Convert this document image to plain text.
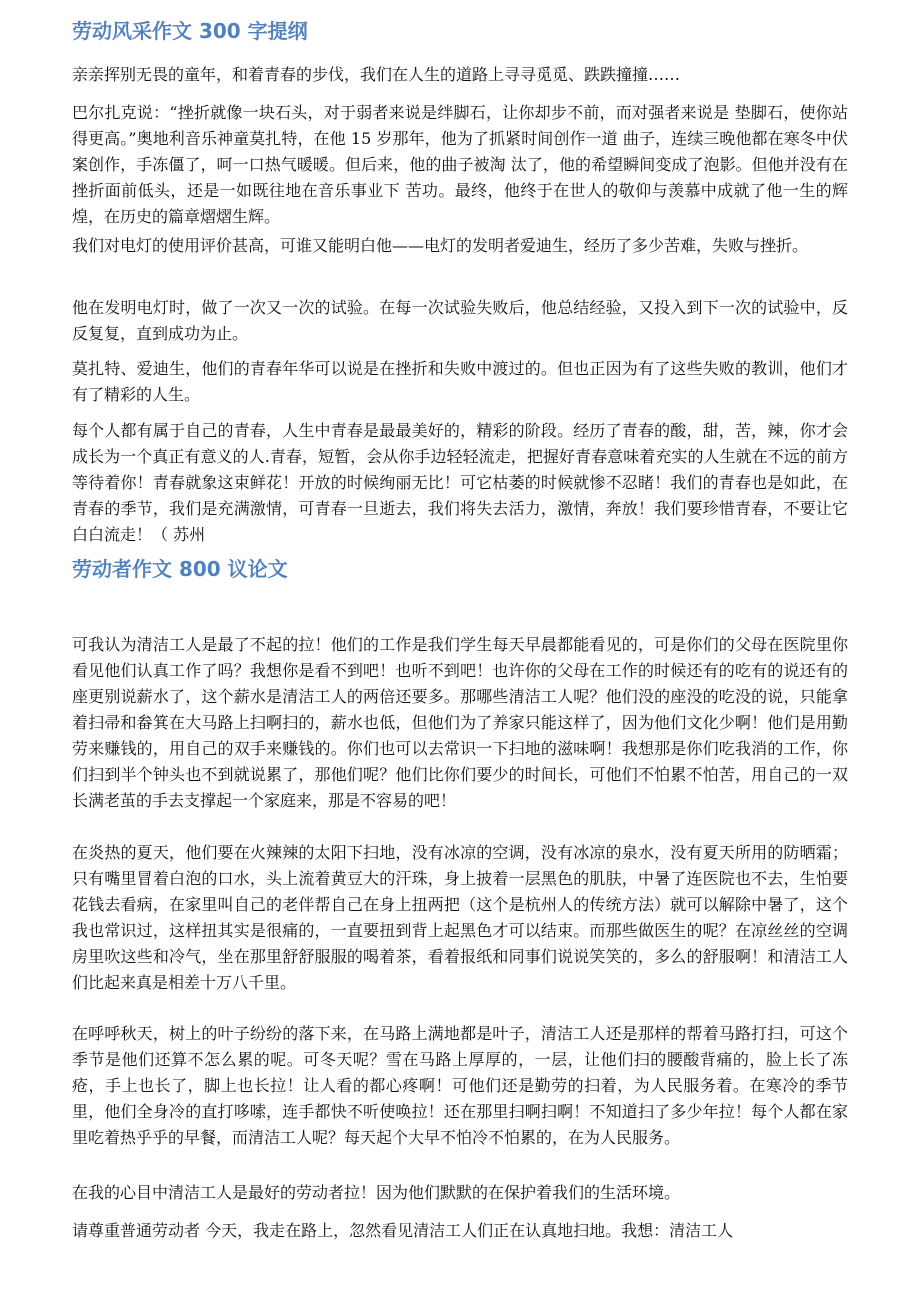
劳动风采作文 300 字提纲

亲亲挥别无畏的童年，和着青春的步伐，我们在人生的道路上寻寻觅觅、跌跌撞撞……

巴尔扎克说：“挫折就像一块石头，对于弱者来说是绊脚石，让你却步不前，而对强者来说是 垫脚石，使你站得更高。”奥地利音乐神童莫扎特，在他 15 岁那年，他为了抓紧时间创作一道 曲子，连续三晚他都在寒冬中伏案创作，手冻僵了，呵一口热气暖暖。但后来，他的曲子被淘 汰了，他的希望瞬间变成了泡影。但他并没有在挫折面前低头，还是一如既往地在音乐事业下 苦功。最终，他终于在世人的敬仰与羡慕中成就了他一生的辉煌，在历史的篇章熠熠生辉。

我们对电灯的使用评价甚高，可谁又能明白他——电灯的发明者爱迪生，经历了多少苦难，失败与挫折。

他在发明电灯时，做了一次又一次的试验。在每一次试验失败后，他总结经验，又投入到下一次的试验中，反反复复，直到成功为止。

莫扎特、爱迪生，他们的青春年华可以说是在挫折和失败中渡过的。但也正因为有了这些失败的教训，他们才有了精彩的人生。

每个人都有属于自己的青春，人生中青春是最最美好的，精彩的阶段。经历了青春的酸，甜，苦，辣，你才会成长为一个真正有意义的人.青春，短暂，会从你手边轻轻流走，把握好青春意味着充实的人生就在不远的前方等待着你！青春就象这束鲜花！开放的时候绚丽无比！可它枯萎的时候就惨不忍睹！我们的青春也是如此，在青春的季节，我们是充满激情，可青春一旦逝去，我们将失去活力，激情，奔放！我们要珍惜青春，不要让它白白流走！（ 苏州

劳动者作文 800 议论文

可我认为清洁工人是最了不起的拉！他们的工作是我们学生每天早晨都能看见的，可是你们的父母在医院里你看见他们认真工作了吗？我想你是看不到吧！也听不到吧！也许你的父母在工作的时候还有的吃有的说还有的座更别说薪水了，这个薪水是清洁工人的两倍还要多。那哪些清洁工人呢？他们没的座没的吃没的说，只能拿着扫帚和畚箕在大马路上扫啊扫的，薪水也低，但他们为了养家只能这样了，因为他们文化少啊！他们是用勤劳来赚钱的，用自己的双手来赚钱的。你们也可以去常识一下扫地的滋味啊！我想那是你们吃我消的工作，你们扫到半个钟头也不到就说累了，那他们呢？他们比你们要少的时间长，可他们不怕累不怕苦，用自己的一双长满老茧的手去支撑起一个家庭来，那是不容易的吧！

在炎热的夏天，他们要在火辣辣的太阳下扫地，没有冰凉的空调，没有冰凉的泉水，没有夏天所用的防晒霜；只有嘴里冒着白泡的口水，头上流着黄豆大的汗珠，身上披着一层黑色的肌肤，中暑了连医院也不去，生怕要花钱去看病，在家里叫自己的老伴帮自己在身上扭两把（这个是杭州人的传统方法）就可以解除中暑了，这个我也常识过，这样扭其实是很痛的，一直要扭到背上起黑色才可以结束。而那些做医生的呢？在凉丝丝的空调房里吹这些和冷气，坐在那里舒舒服服的喝着茶，看着报纸和同事们说说笑笑的，多么的舒服啊！和清洁工人们比起来真是相差十万八千里。

在呼呼秋天，树上的叶子纷纷的落下来，在马路上满地都是叶子，清洁工人还是那样的帮着马路打扫，可这个季节是他们还算不怎么累的呢。可冬天呢？雪在马路上厚厚的，一层，让他们扫的腰酸背痛的，脸上长了冻疮，手上也长了，脚上也长拉！让人看的都心疼啊！可他们还是勤劳的扫着，为人民服务着。在寒冷的季节里，他们全身冷的直打哆嗦，连手都快不听使唤拉！还在那里扫啊扫啊！不知道扫了多少年拉！每个人都在家里吃着热乎乎的早餐，而清洁工人呢？每天起个大早不怕冷不怕累的，在为人民服务。

在我的心目中清洁工人是最好的劳动者拉！因为他们默默的在保护着我们的生活环境。

请尊重普通劳动者 今天，我走在路上，忽然看见清洁工人们正在认真地扫地。我想：清洁工人
